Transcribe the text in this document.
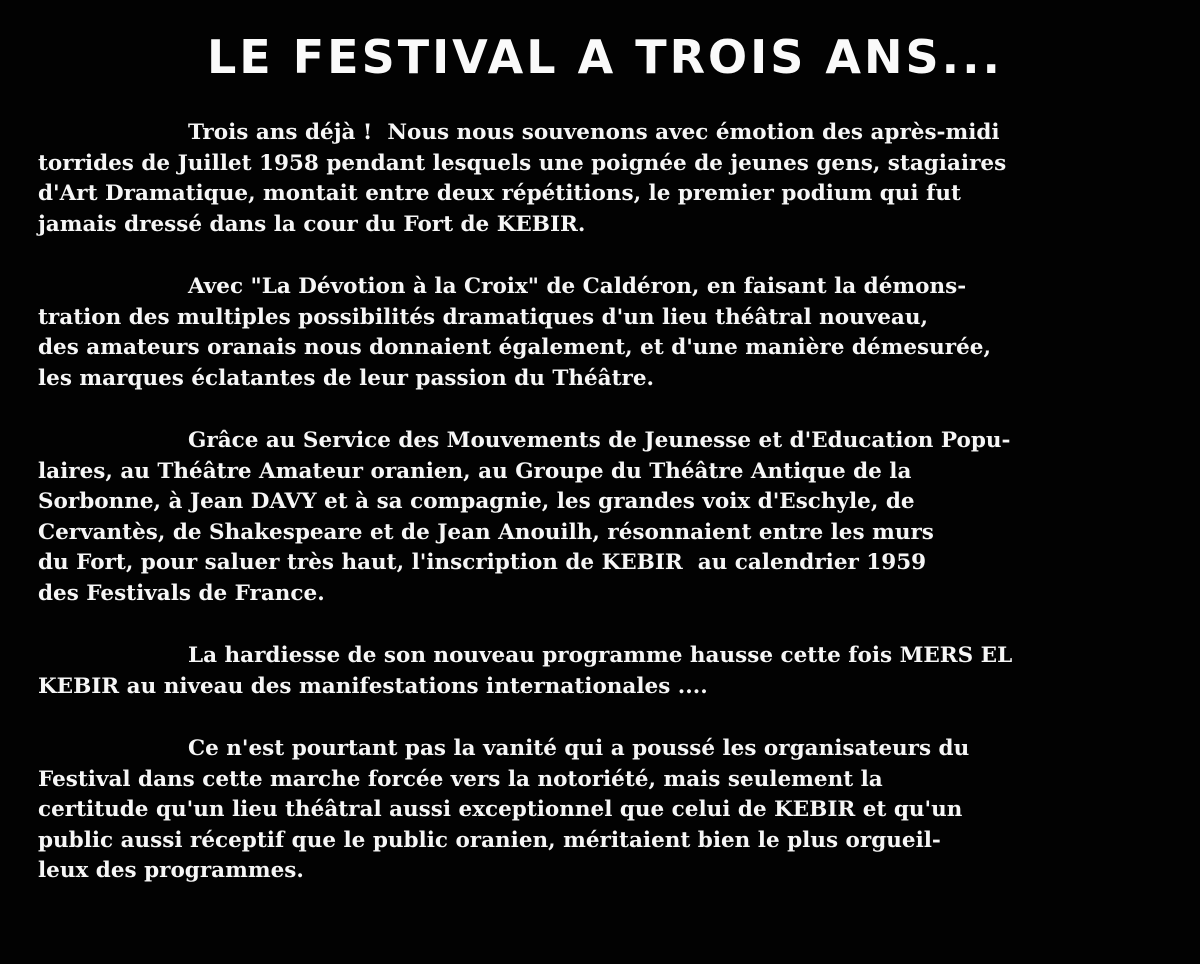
LE FESTIVAL A TROIS ANS...
Trois ans déjà !  Nous nous souvenons avec émotion des après-midi
torrides de Juillet 1958 pendant lesquels une poignée de jeunes gens, stagiaires
d'Art Dramatique, montait entre deux répétitions, le premier podium qui fut
jamais dressé dans la cour du Fort de KEBIR.
Avec "La Dévotion à la Croix" de Caldéron, en faisant la démons-
tration des multiples possibilités dramatiques d'un lieu théâtral nouveau,
des amateurs oranais nous donnaient également, et d'une manière démesurée,
les marques éclatantes de leur passion du Théâtre.
Grâce au Service des Mouvements de Jeunesse et d'Education Popu-
laires, au Théâtre Amateur oranien, au Groupe du Théâtre Antique de la
Sorbonne, à Jean DAVY et à sa compagnie, les grandes voix d'Eschyle, de
Cervantès, de Shakespeare et de Jean Anouilh, résonnaient entre les murs
du Fort, pour saluer très haut, l'inscription de KEBIR  au calendrier 1959
des Festivals de France.
La hardiesse de son nouveau programme hausse cette fois MERS EL
KEBIR au niveau des manifestations internationales ....
Ce n'est pourtant pas la vanité qui a poussé les organisateurs du
Festival dans cette marche forcée vers la notoriété, mais seulement la
certitude qu'un lieu théâtral aussi exceptionnel que celui de KEBIR et qu'un
public aussi réceptif que le public oranien, méritaient bien le plus orgueil-
leux des programmes.
